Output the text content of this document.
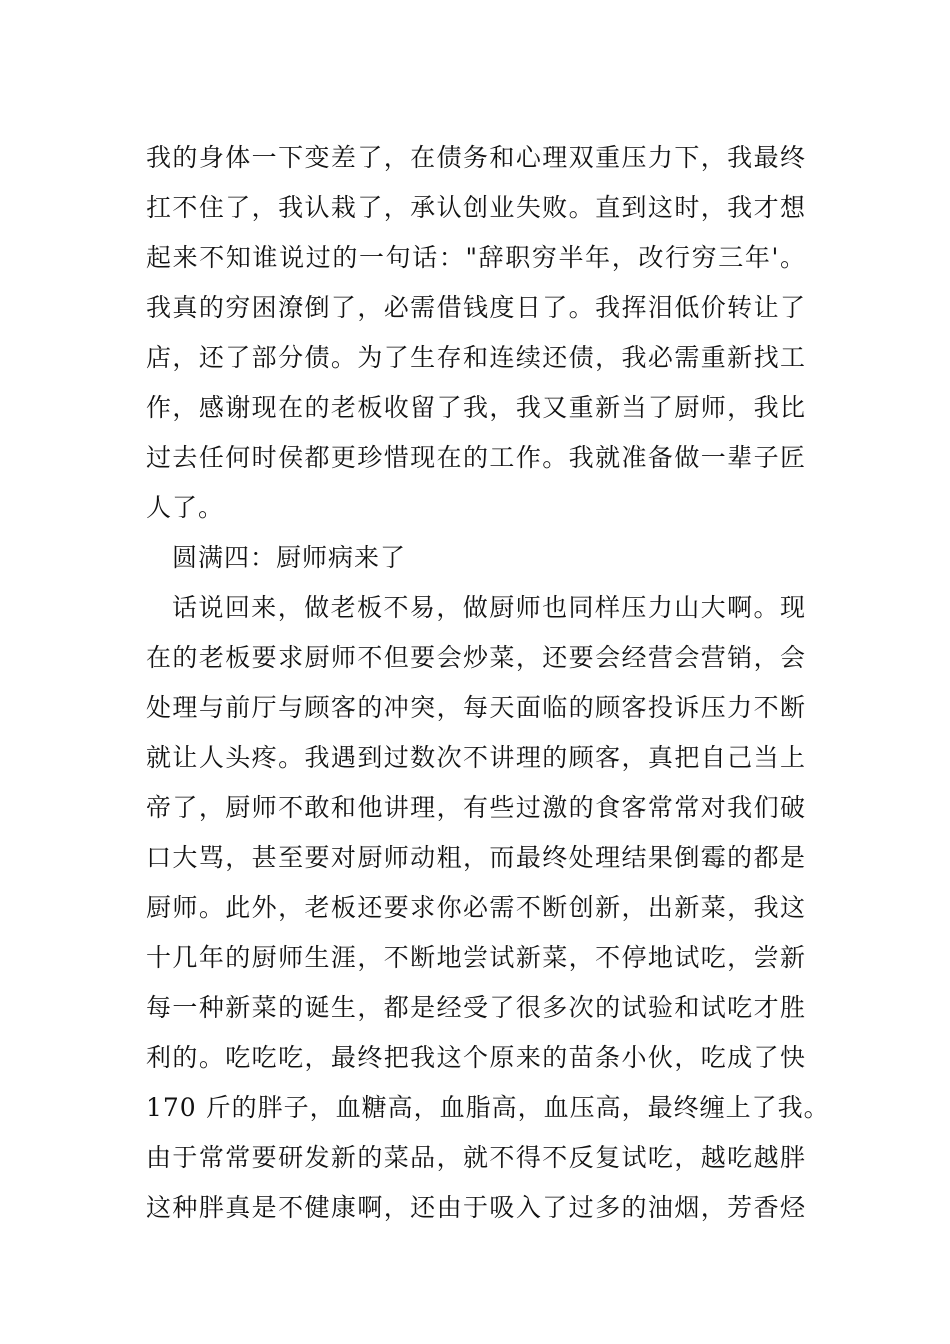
我的身体一下变差了，在债务和心理双重压力下，我最终
扛不住了，我认栽了，承认创业失败。直到这时，我才想
起来不知谁说过的一句话："辞职穷半年，改行穷三年'。
我真的穷困潦倒了，必需借钱度日了。我挥泪低价转让了
店，还了部分债。为了生存和连续还债，我必需重新找工
作，感谢现在的老板收留了我，我又重新当了厨师，我比
过去任何时侯都更珍惜现在的工作。我就准备做一辈子匠
人了。
圆满四：厨师病来了
话说回来，做老板不易，做厨师也同样压力山大啊。现
在的老板要求厨师不但要会炒菜，还要会经营会营销，会
处理与前厅与顾客的冲突，每天面临的顾客投诉压力不断
就让人头疼。我遇到过数次不讲理的顾客，真把自己当上
帝了，厨师不敢和他讲理，有些过激的食客常常对我们破
口大骂，甚至要对厨师动粗，而最终处理结果倒霉的都是
厨师。此外，老板还要求你必需不断创新，出新菜，我这
十几年的厨师生涯，不断地尝试新菜，不停地试吃，尝新
每一种新菜的诞生，都是经受了很多次的试验和试吃才胜
利的。吃吃吃，最终把我这个原来的苗条小伙，吃成了快
170 斤的胖子，血糖高，血脂高，血压高，最终缠上了我。
由于常常要研发新的菜品，就不得不反复试吃，越吃越胖
这种胖真是不健康啊，还由于吸入了过多的油烟，芳香烃
